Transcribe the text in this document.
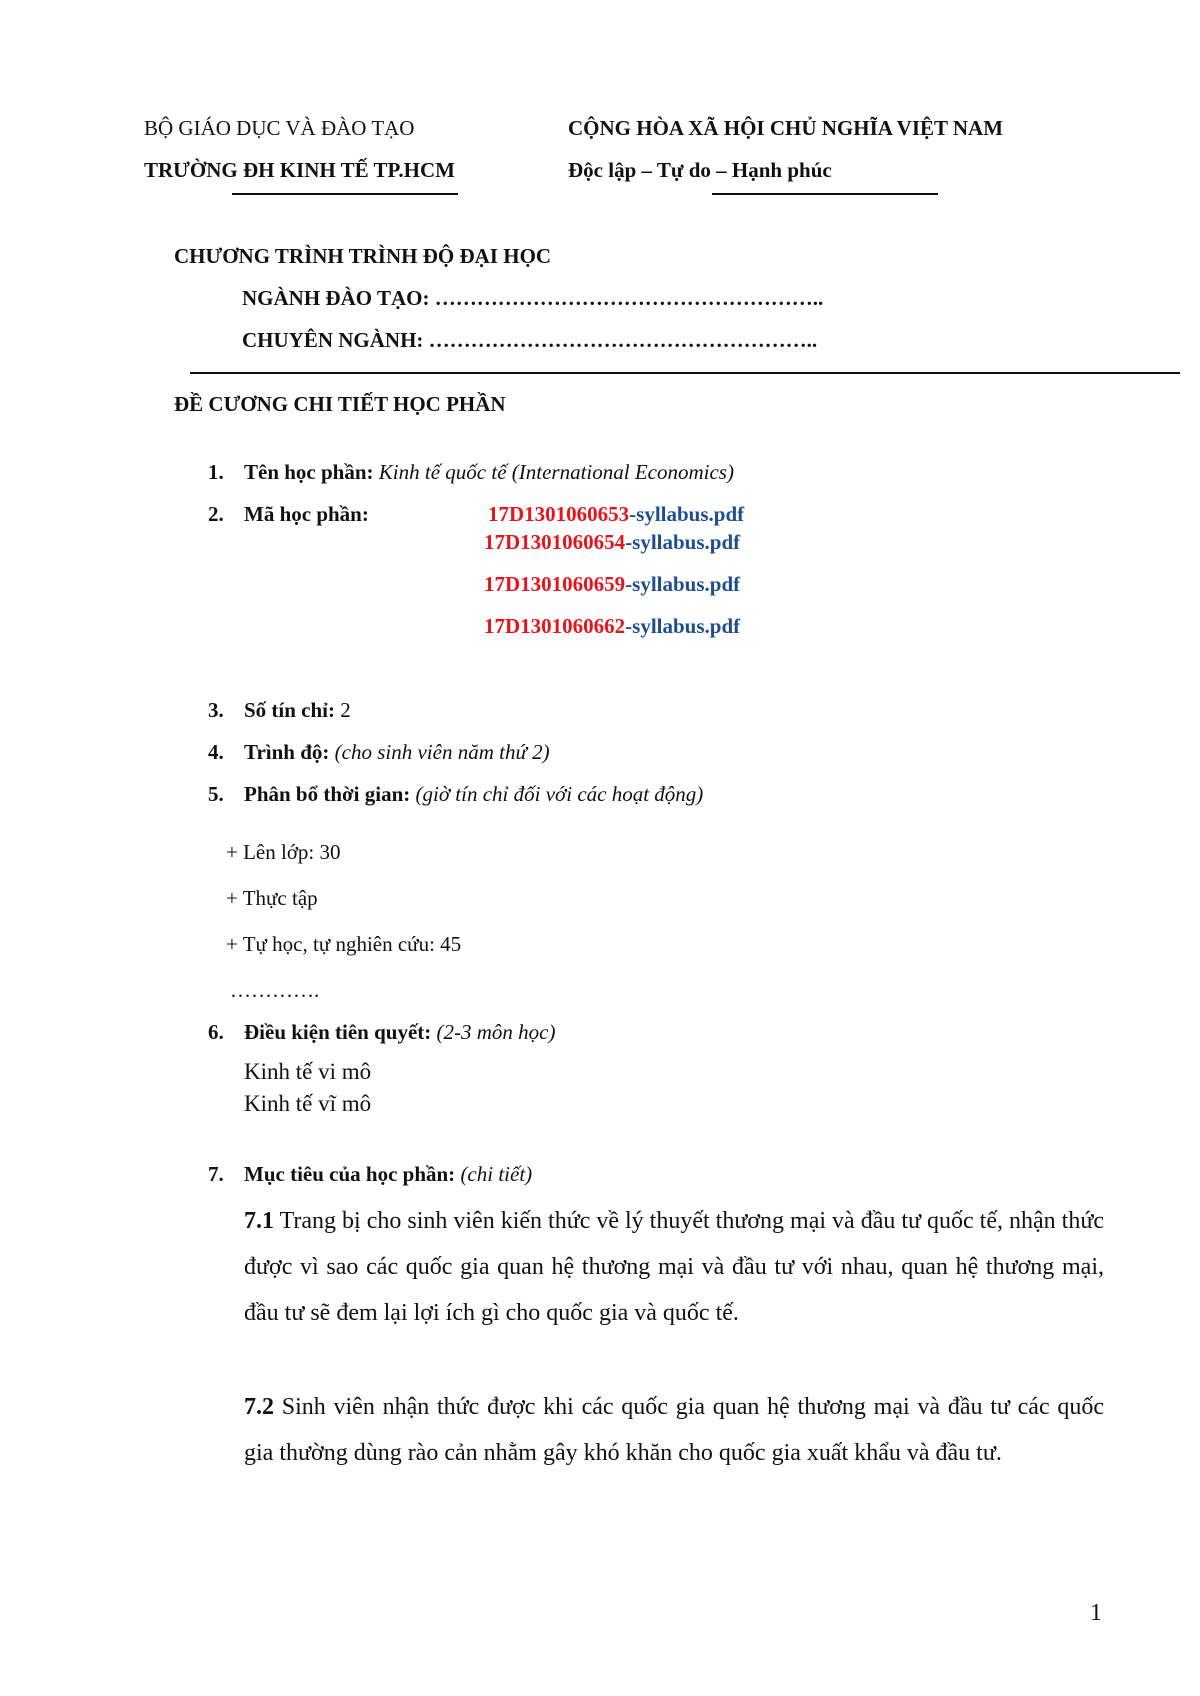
BỘ GIÁO DỤC VÀ ĐÀO TẠO
TRƯỜNG ĐH KINH TẾ TP.HCM
CỘNG HÒA XÃ HỘI CHỦ NGHĨA VIỆT NAM
Độc lập – Tự do – Hạnh phúc
CHƯƠNG TRÌNH TRÌNH ĐỘ ĐẠI HỌC
NGÀNH ĐÀO TẠO: ………………………………………………..
CHUYÊN NGÀNH: ………………………………………………..
ĐỀ CƯƠNG CHI TIẾT HỌC PHẦN
1. Tên học phần: Kinh tế quốc tế (International Economics)
2. Mã học phần:	17D1301060653-syllabus.pdf
17D1301060654-syllabus.pdf
17D1301060659-syllabus.pdf
17D1301060662-syllabus.pdf
3. Số tín chỉ: 2
4. Trình độ: (cho sinh viên năm thứ 2)
5. Phân bổ thời gian: (giờ tín chỉ đối với các hoạt động)
+ Lên lớp: 30
+ Thực tập
+ Tự học, tự nghiên cứu: 45
………….
6. Điều kiện tiên quyết: (2-3 môn học)
Kinh tế vi mô
Kinh tế vĩ mô
7. Mục tiêu của học phần: (chi tiết)
7.1 Trang bị cho sinh viên kiến thức về lý thuyết thương mại và đầu tư quốc tế, nhận thức được vì sao các quốc gia quan hệ thương mại và đầu tư với nhau, quan hệ thương mại, đầu tư sẽ đem lại lợi ích gì cho quốc gia và quốc tế.
7.2 Sinh viên nhận thức được khi các quốc gia quan hệ thương mại và đầu tư các quốc gia thường dùng rào cản nhằm gây khó khăn cho quốc gia xuất khẩu và đầu tư.
1
